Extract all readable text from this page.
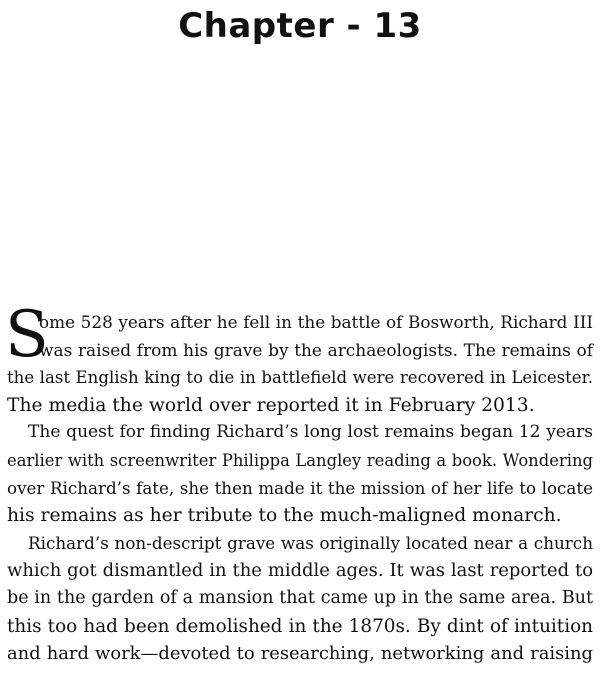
Chapter - 13
S
ome 528 years after he fell in the battle of Bosworth, Richard III
was raised from his grave by the archaeologists. The remains of
the last English king to die in battlefield were recovered in Leicester.
The media the world over reported it in February 2013.
The quest for finding Richard’s long lost remains began 12 years
earlier with screenwriter Philippa Langley reading a book. Wondering
over Richard’s fate, she then made it the mission of her life to locate
his remains as her tribute to the much-maligned monarch.
Richard’s non-descript grave was originally located near a church
which got dismantled in the middle ages. It was last reported to
be in the garden of a mansion that came up in the same area. But
this too had been demolished in the 1870s. By dint of intuition
and hard work—devoted to researching, networking and raising
